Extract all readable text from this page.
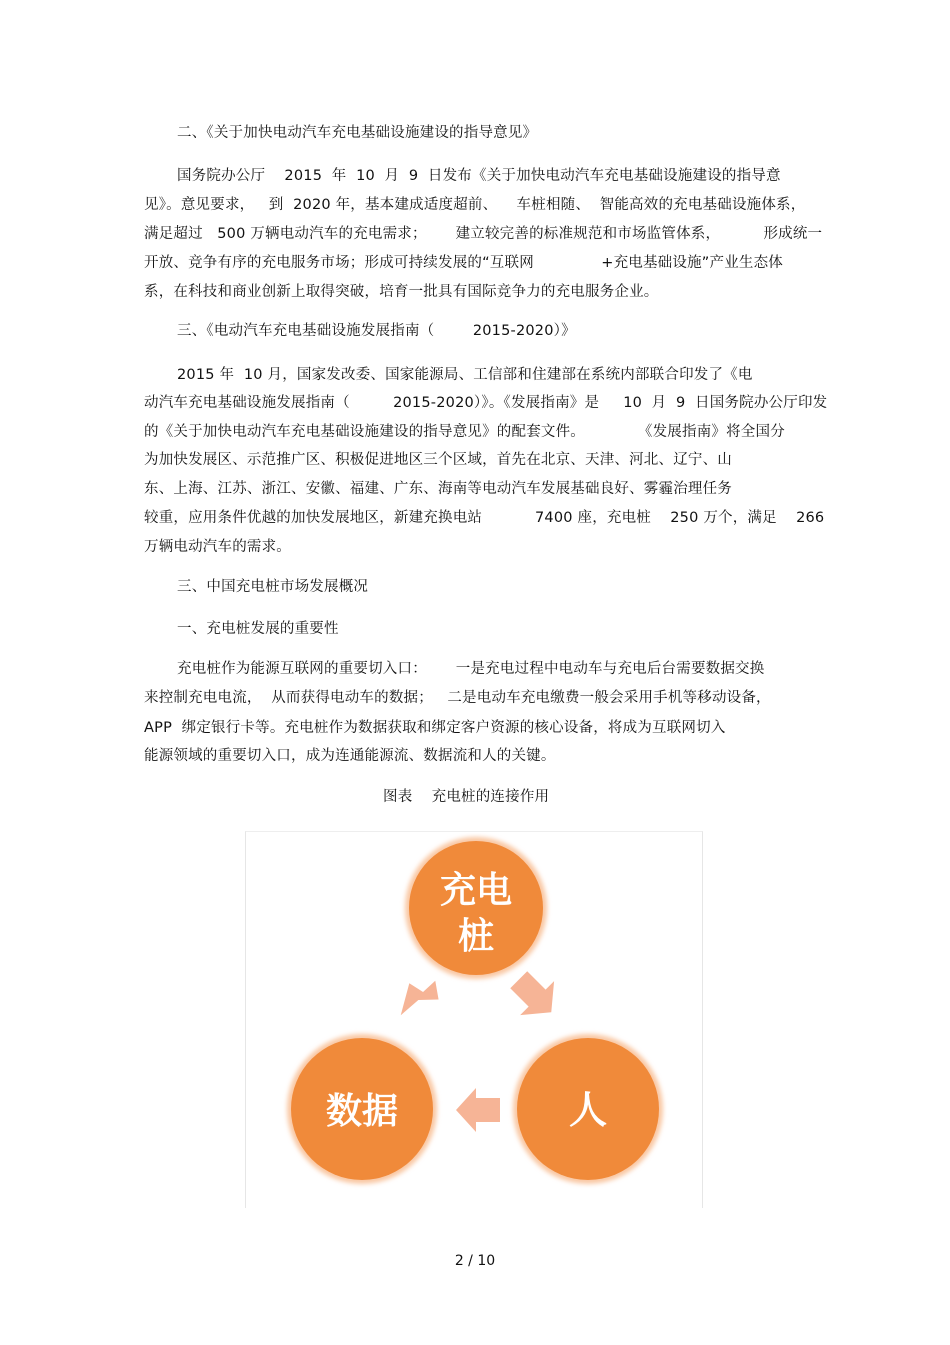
二、《关于加快电动汽车充电基础设施建设的指导意见》
国务院办公厅    2015  年  10  月  9  日发布《关于加快电动汽车充电基础设施建设的指导意
见》。意见要求，   到  2020 年，基本建成适度超前、    车桩相随、  智能高效的充电基础设施体系，
满足超过   500 万辆电动汽车的充电需求；      建立较完善的标准规范和市场监管体系，         形成统一
开放、竞争有序的充电服务市场；形成可持续发展的“互联网              +充电基础设施”产业生态体
系，在科技和商业创新上取得突破，培育一批具有国际竞争力的充电服务企业。
三、《电动汽车充电基础设施发展指南（        2015-2020）》
2015 年  10 月，国家发改委、国家能源局、工信部和住建部在系统内部联合印发了《电
动汽车充电基础设施发展指南（         2015-2020）》。《发展指南》是     10  月  9  日国务院办公厅印发
的《关于加快电动汽车充电基础设施建设的指导意见》的配套文件。           《发展指南》将全国分
为加快发展区、示范推广区、积极促进地区三个区域，首先在北京、天津、河北、辽宁、山
东、上海、江苏、浙江、安徽、福建、广东、海南等电动汽车发展基础良好、雾霾治理任务
较重，应用条件优越的加快发展地区，新建充换电站           7400 座，充电桩    250 万个，满足    266
万辆电动汽车的需求。
三、中国充电桩市场发展概况
一、充电桩发展的重要性
充电桩作为能源互联网的重要切入口：      一是充电过程中电动车与充电后台需要数据交换
来控制充电电流，  从而获得电动车的数据；   二是电动车充电缴费一般会采用手机等移动设备，
APP  绑定银行卡等。充电桩作为数据获取和绑定客户资源的核心设备，将成为互联网切入
能源领域的重要切入口，成为连通能源流、数据流和人的关键。
图表    充电桩的连接作用
充电
桩
数据	人
2 / 10
